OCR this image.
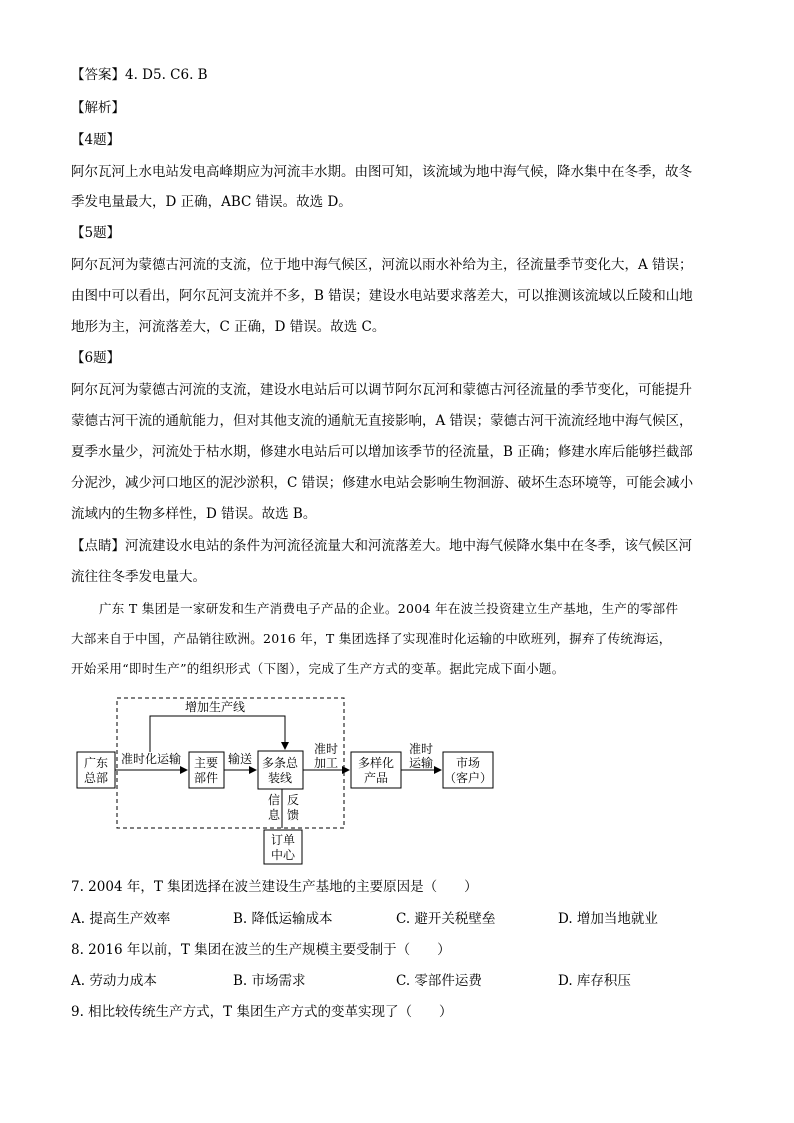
【答案】4. D5. C6. B
【解析】
【4题】
阿尔瓦河上水电站发电高峰期应为河流丰水期。由图可知，该流域为地中海气候，降水集中在冬季，故冬
季发电量最大，D 正确，ABC 错误。故选 D。
【5题】
阿尔瓦河为蒙德古河流的支流，位于地中海气候区，河流以雨水补给为主，径流量季节变化大，A 错误；
由图中可以看出，阿尔瓦河支流并不多，B 错误；建设水电站要求落差大，可以推测该流域以丘陵和山地
地形为主，河流落差大，C 正确，D 错误。故选 C。
【6题】
阿尔瓦河为蒙德古河流的支流，建设水电站后可以调节阿尔瓦河和蒙德古河径流量的季节变化，可能提升
蒙德古河干流的通航能力，但对其他支流的通航无直接影响，A 错误；蒙德古河干流流经地中海气候区，
夏季水量少，河流处于枯水期，修建水电站后可以增加该季节的径流量，B 正确；修建水库后能够拦截部
分泥沙，减少河口地区的泥沙淤积，C 错误；修建水电站会影响生物洄游、破坏生态环境等，可能会减小
流域内的生物多样性，D 错误。故选 B。
【点睛】河流建设水电站的条件为河流径流量大和河流落差大。地中海气候降水集中在冬季，该气候区河
流往往冬季发电量大。
广东 T 集团是一家研发和生产消费电子产品的企业。2004 年在波兰投资建立生产基地，生产的零部件
大部来自于中国，产品销往欧洲。2016 年，T 集团选择了实现准时化运输的中欧班列，摒弃了传统海运，
开始采用“即时生产”的组织形式（下图），完成了生产方式的变革。据此完成下面小题。
广东
总部
准时化运输 主要
部件
输送 多条总
装线
增加生产线
准时
加工 多样化
产品
准时
运输 市场
（客户）
信
息
反
馈
订单
中心
7. 2004 年，T 集团选择在波兰建设生产基地的主要原因是（　　）
A. 提高生产效率	B. 降低运输成本	C. 避开关税壁垒	D. 增加当地就业
8. 2016 年以前，T 集团在波兰的生产规模主要受制于（　　）
A. 劳动力成本	B. 市场需求	C. 零部件运费	D. 库存积压
9. 相比较传统生产方式，T 集团生产方式的变革实现了（　　）
